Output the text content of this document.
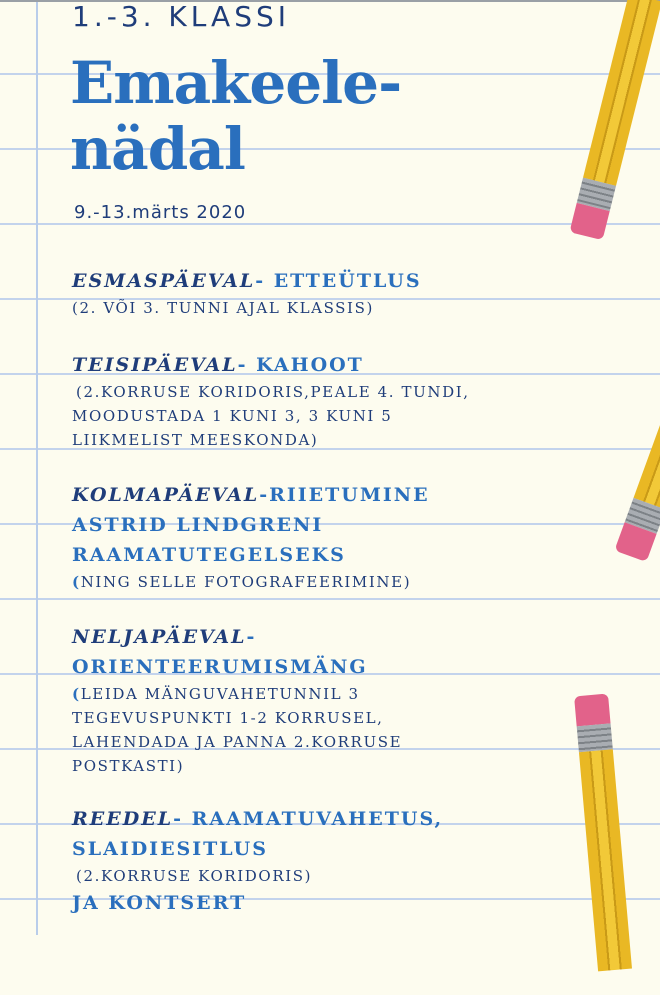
1.-3. KLASSI
Emakeele-
nädal
9.-13.märts 2020
ESMASPÄEVAL- ETTEÜTLUS
(2. VÕI 3. TUNNI AJAL KLASSIS)
TEISIPÄEVAL- KAHOOT
(2.KORRUSE KORIDORIS,PEALE 4. TUNDI, MOODUSTADA 1 KUNI 3, 3 KUNI 5 LIIKMELIST MEESKONDA)
KOLMAPÄEVAL-RIIETUMINE ASTRID LINDGRENI RAAMATUTEGELSEKS
(NING SELLE FOTOGRAFEERIMINE)
NELJAPÄEVAL- ORIENTEERUMISMÄNG
(LEIDA MÄNGUVAHETUNNIL 3 TEGEVUSPUNKTI 1-2 KORRUSEL, LAHENDADA JA PANNA 2.KORRUSE POSTKASTI)
REEDEL- RAAMATUVAHETUS, SLAIDIESITLUS
(2.KORRUSE KORIDORIS)
JA KONTSERT
